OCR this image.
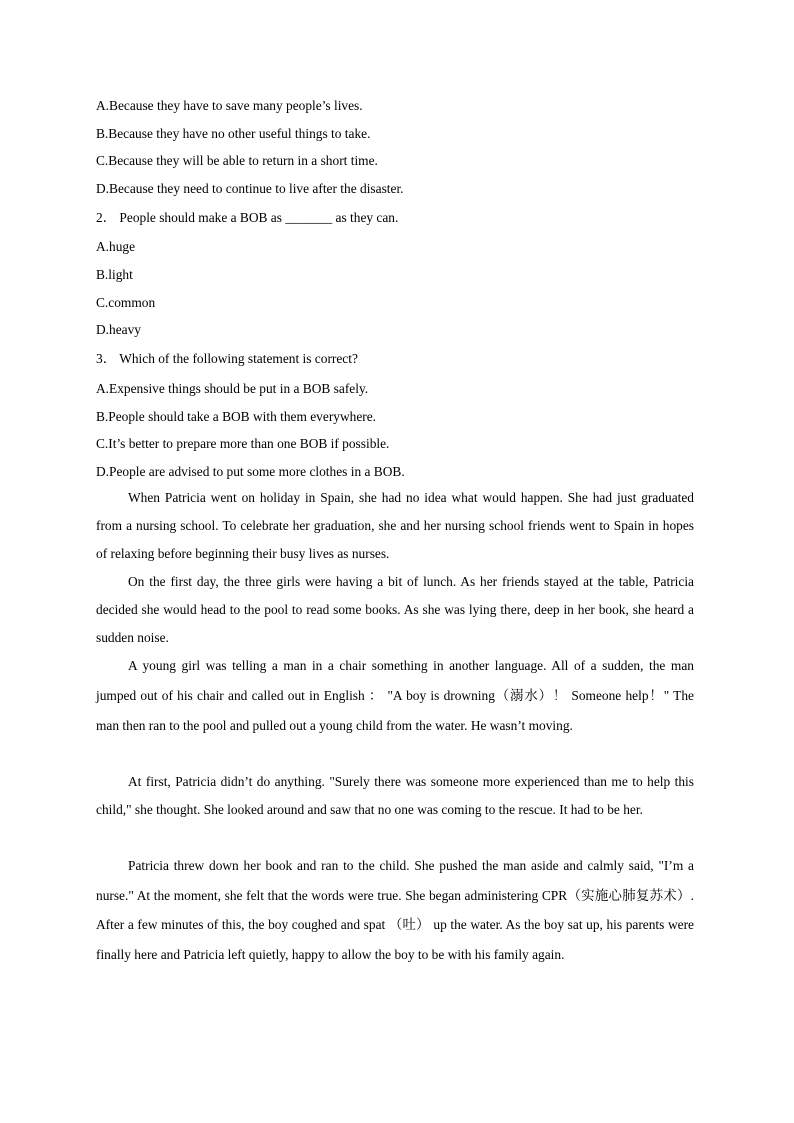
A.Because they have to save many people’s lives.
B.Because they have no other useful things to take.
C.Because they will be able to return in a short time.
D.Because they need to continue to live after the disaster.
2． People should make a BOB as _______ as they can.
A.huge
B.light
C.common
D.heavy
3． Which of the following statement is correct?
A.Expensive things should be put in a BOB safely.
B.People should take a BOB with them everywhere.
C.It’s better to prepare more than one BOB if possible.
D.People are advised to put some more clothes in a BOB.

When Patricia went on holiday in Spain, she had no idea what would happen. She had just graduated from a nursing school. To celebrate her graduation, she and her nursing school friends went to Spain in hopes of relaxing before beginning their busy lives as nurses.

On the first day, the three girls were having a bit of lunch. As her friends stayed at the table, Patricia decided she would head to the pool to read some books. As she was lying there, deep in her book, she heard a sudden noise.

A young girl was telling a man in a chair something in another language. All of a sudden, the man jumped out of his chair and called out in English ： "A boy is drowning（溺水）！ Someone help！" The man then ran to the pool and pulled out a young child from the water. He wasn’t moving.

At first, Patricia didn’t do anything. "Surely there was someone more experienced than me to help this child," she thought. She looked around and saw that no one was coming to the rescue. It had to be her.

Patricia threw down her book and ran to the child. She pushed the man aside and calmly said, "I’m a nurse." At the moment, she felt that the words were true. She began administering CPR（实施心肺复苏术）. After a few minutes of this, the boy coughed and spat （吐） up the water. As the boy sat up, his parents were finally here and Patricia left quietly, happy to allow the boy to be with his family again.
